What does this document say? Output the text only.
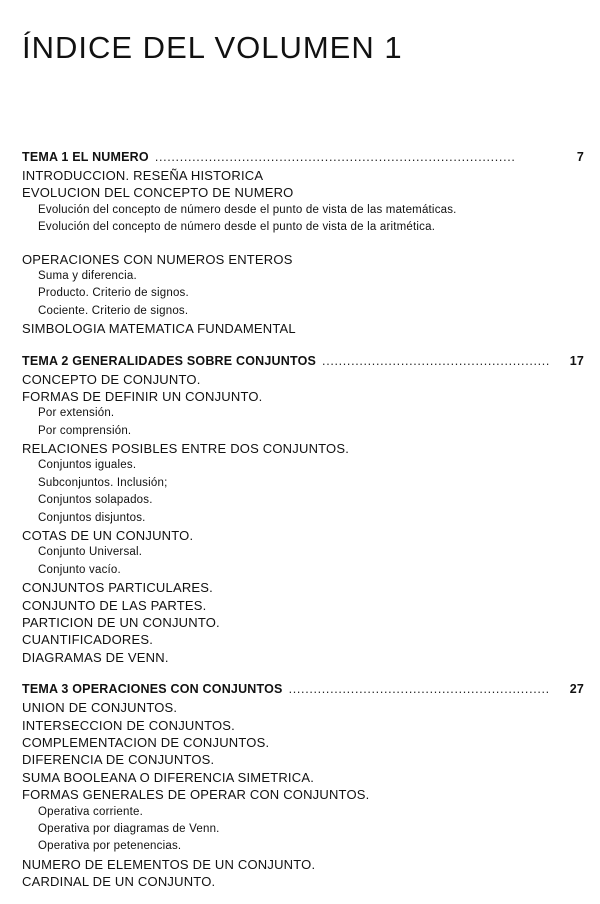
ÍNDICE DEL VOLUMEN 1
TEMA 1 EL NUMERO . . .	7
INTRODUCCION. RESEÑA HISTORICA
EVOLUCION DEL CONCEPTO DE NUMERO
Evolución del concepto de número desde el punto de vista de las matemáticas.
Evolución del concepto de número desde el punto de vista de la aritmética.
OPERACIONES CON NUMEROS ENTEROS
Suma y diferencia.
Producto. Criterio de signos.
Cociente. Criterio de signos.
SIMBOLOGIA MATEMATICA FUNDAMENTAL
TEMA 2 GENERALIDADES SOBRE CONJUNTOS . . .	17
CONCEPTO DE CONJUNTO.
FORMAS DE DEFINIR UN CONJUNTO.
Por extensión.
Por comprensión.
RELACIONES POSIBLES ENTRE DOS CONJUNTOS.
Conjuntos iguales.
Subconjuntos. Inclusión;
Conjuntos solapados.
Conjuntos disjuntos.
COTAS DE UN CONJUNTO.
Conjunto Universal.
Conjunto vacío.
CONJUNTOS PARTICULARES.
CONJUNTO DE LAS PARTES.
PARTICION DE UN CONJUNTO.
CUANTIFICADORES.
DIAGRAMAS DE VENN.
TEMA 3 OPERACIONES CON CONJUNTOS . . .	27
UNION DE CONJUNTOS.
INTERSECCION DE CONJUNTOS.
COMPLEMENTACION DE CONJUNTOS.
DIFERENCIA DE CONJUNTOS.
SUMA BOOLEANA O DIFERENCIA SIMETRICA.
FORMAS GENERALES DE OPERAR CON CONJUNTOS.
Operativa corriente.
Operativa por diagramas de Venn.
Operativa por petenencias.
NUMERO DE ELEMENTOS DE UN CONJUNTO.
CARDINAL DE UN CONJUNTO.
